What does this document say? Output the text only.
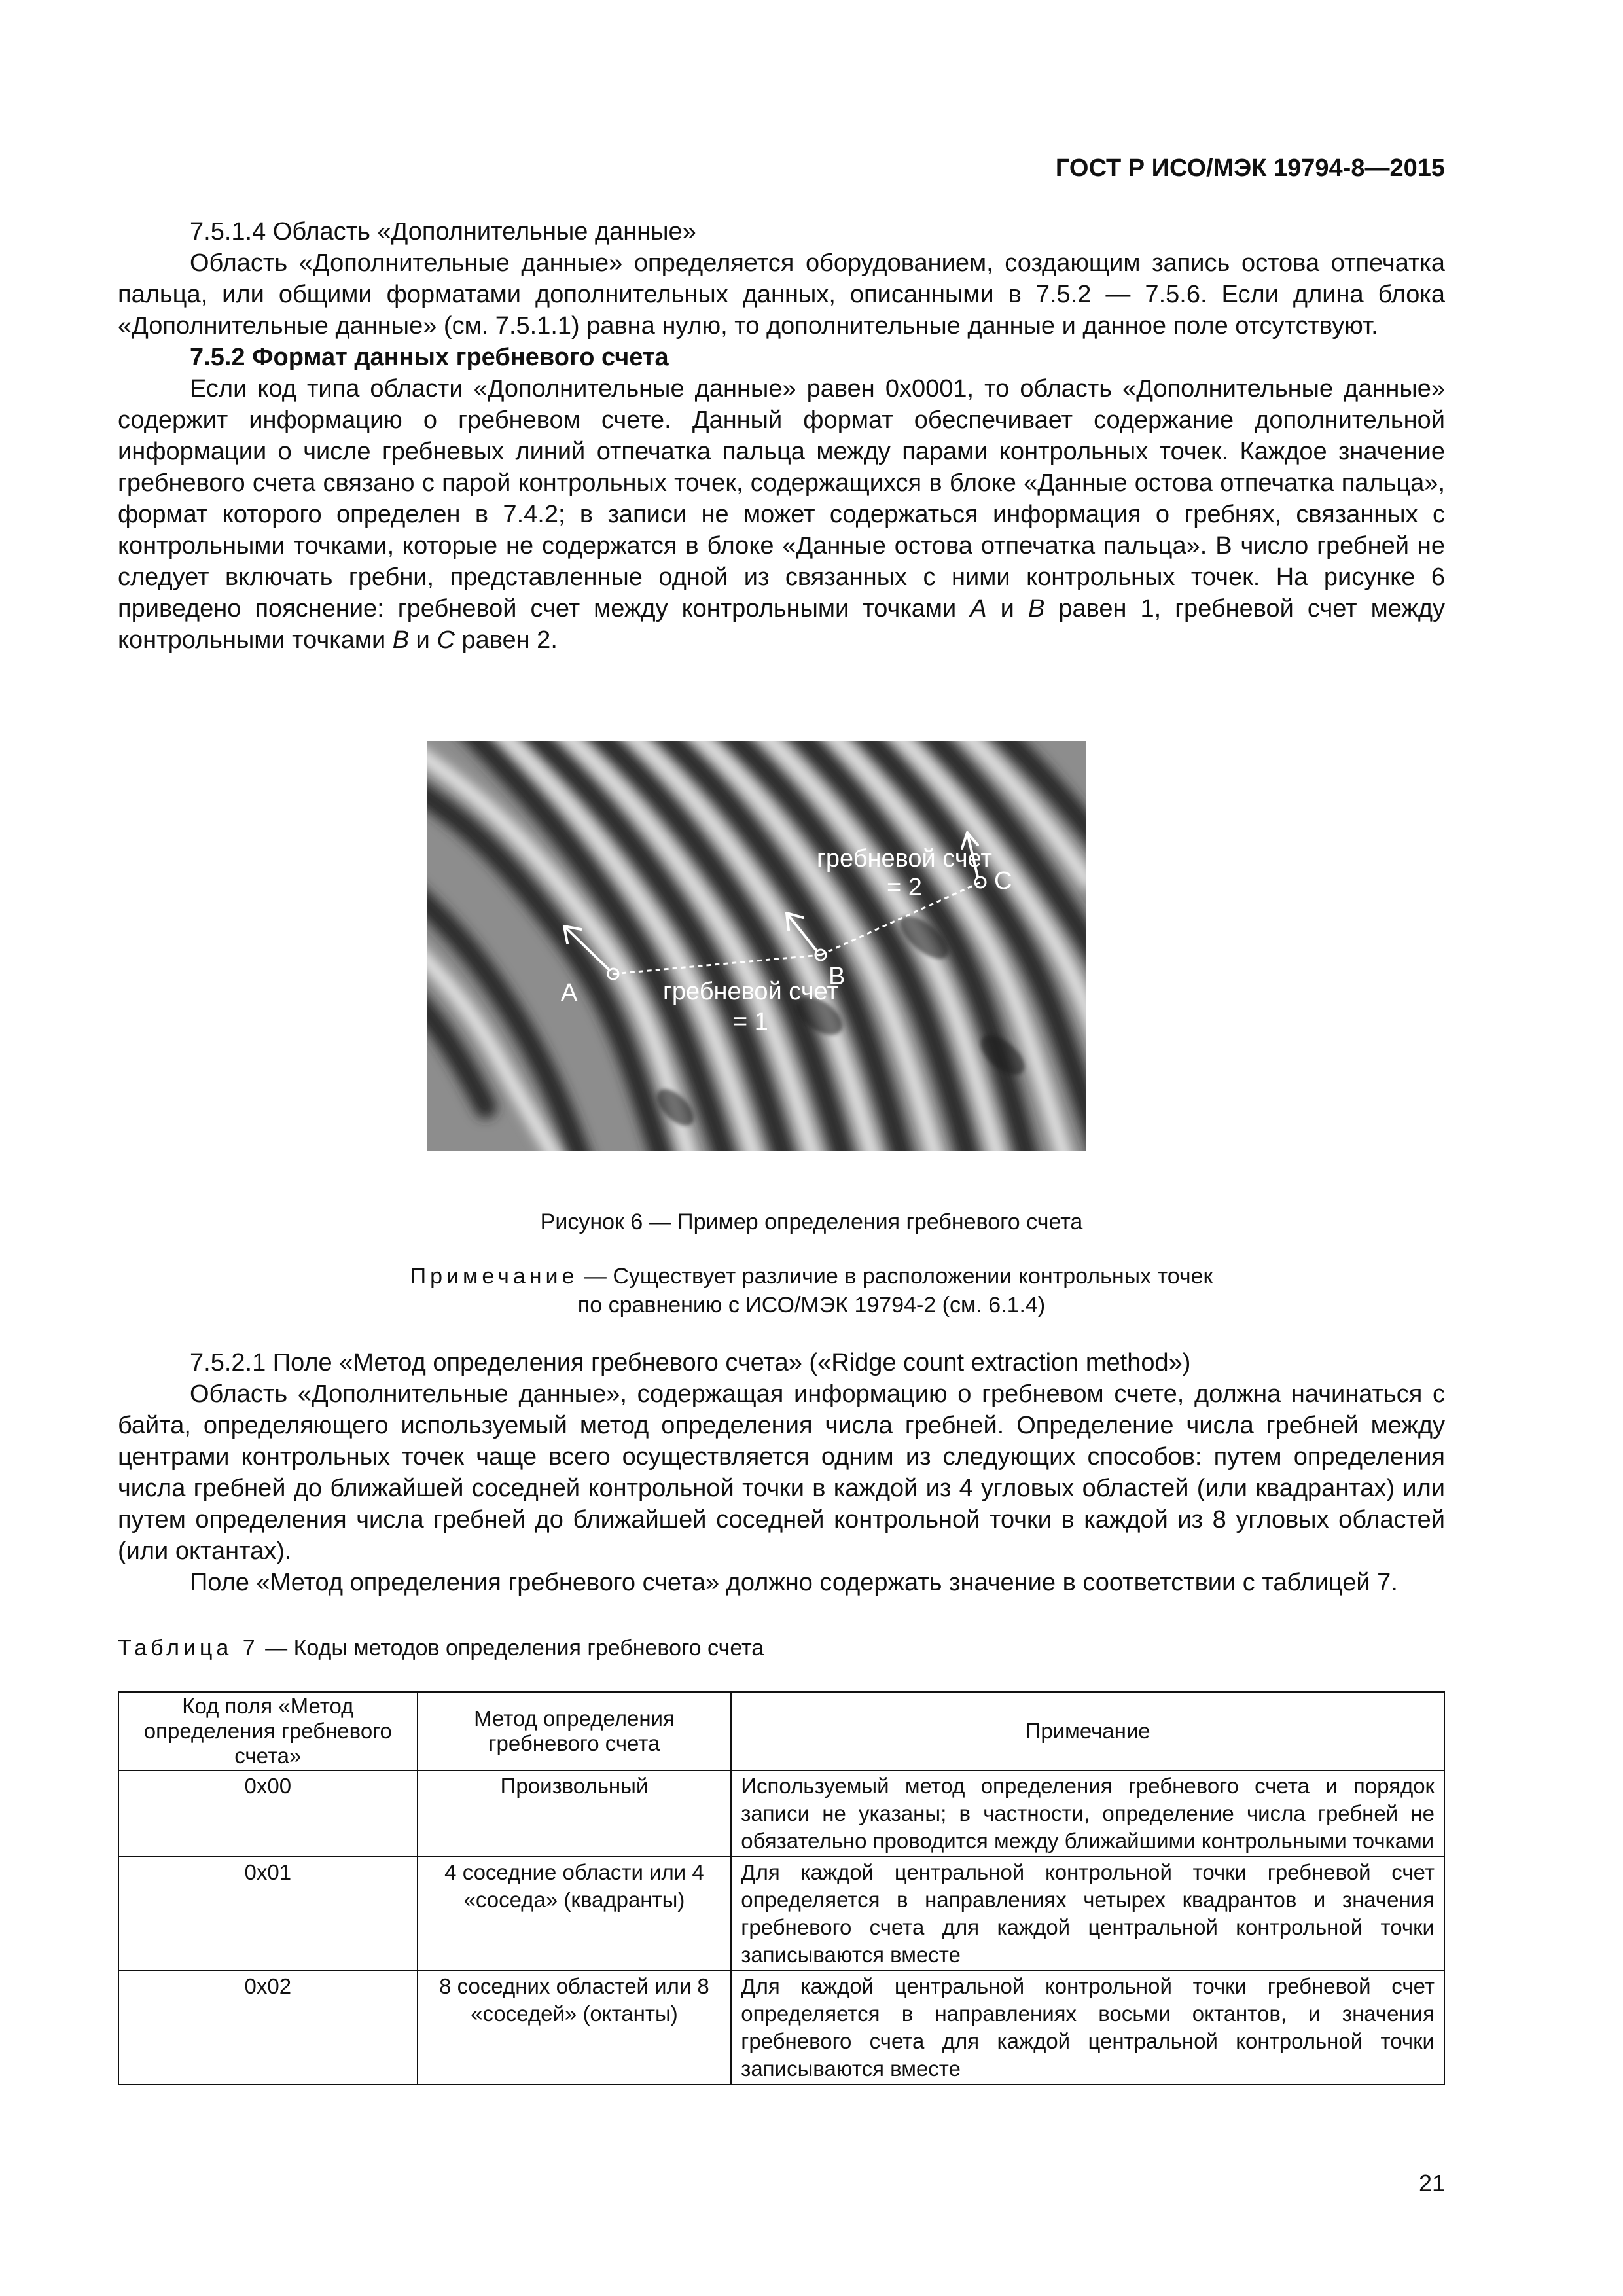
ГОСТ Р ИСО/МЭК 19794-8—2015

7.5.1.4 Область «Дополнительные данные»

Область «Дополнительные данные» определяется оборудованием, создающим запись остова отпечатка пальца, или общими форматами дополнительных данных, описанными в 7.5.2 — 7.5.6. Если длина блока «Дополнительные данные» (см. 7.5.1.1) равна нулю, то дополнительные данные и данное поле отсутствуют.

7.5.2 Формат данных гребневого счета

Если код типа области «Дополнительные данные» равен 0x0001, то область «Дополнительные данные» содержит информацию о гребневом счете. Данный формат обеспечивает содержание дополнительной информации о числе гребневых линий отпечатка пальца между парами контрольных точек. Каждое значение гребневого счета связано с парой контрольных точек, содержащихся в блоке «Данные остова отпечатка пальца», формат которого определен в 7.4.2; в записи не может содержаться информация о гребнях, связанных с контрольными точками, которые не содержатся в блоке «Данные остова отпечатка пальца». В число гребней не следует включать гребни, представленные одной из связанных с ними контрольных точек. На рисунке 6 приведено пояснение: гребневой счет между контрольными точками A и B равен 1, гребневой счет между контрольными точками B и C равен 2.

A
B
C
гребневой счет
= 2
гребневой счет
= 1
Рисунок 6 — Пример определения гребневого счета
Примечание — Существует различие в расположении контрольных точек
по сравнению с ИСО/МЭК 19794-2 (см. 6.1.4)

7.5.2.1 Поле «Метод определения гребневого счета» («Ridge count extraction method»)

Область «Дополнительные данные», содержащая информацию о гребневом счете, должна начинаться с байта, определяющего используемый метод определения числа гребней. Определение числа гребней между центрами контрольных точек чаще всего осуществляется одним из следующих способов: путем определения числа гребней до ближайшей соседней контрольной точки в каждой из 4 угловых областей (или квадрантах) или путем определения числа гребней до ближайшей соседней контрольной точки в каждой из 8 угловых областей (или октантах).

Поле «Метод определения гребневого счета» должно содержать значение в соответствии с таблицей 7.

Таблица 7 — Коды методов определения гребневого счета
Код поля «Метод определения гребневого счета»	Метод определения гребневого счета	Примечание
0x00	Произвольный	Используемый метод определения гребневого счета и порядок записи не указаны; в частности, определение числа гребней не обязательно проводится между ближайшими контрольными точками
0x01	4 соседние области или 4 «соседа» (квадранты)	Для каждой центральной контрольной точки гребневой счет определяется в направлениях четырех квадрантов и значения гребневого счета для каждой центральной контрольной точки записываются вместе
0x02	8 соседних областей или 8 «соседей» (октанты)	Для каждой центральной контрольной точки гребневой счет определяется в направлениях восьми октантов, и значения гребневого счета для каждой центральной контрольной точки записываются вместе
21
